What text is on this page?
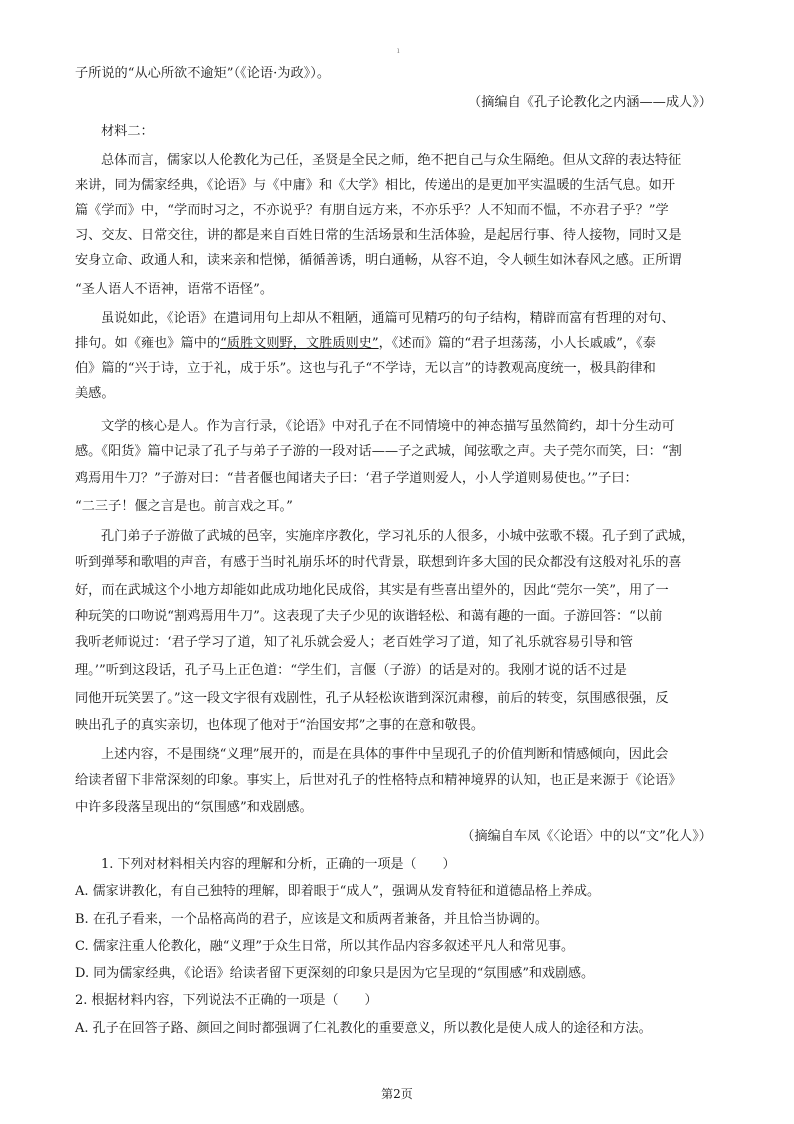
ı
子所说的“从心所欲不逾矩”（《论语·为政》）。
（摘编自《孔子论教化之内涵——成人》）
材料二：
总体而言，儒家以人伦教化为己任，圣贤是全民之师，绝不把自己与众生隔绝。但从文辞的表达特征
来讲，同为儒家经典，《论语》与《中庸》和《大学》相比，传递出的是更加平实温暖的生活气息。如开
篇《学而》中，“学而时习之，不亦说乎？有朋自远方来，不亦乐乎？人不知而不愠，不亦君子乎？”学
习、交友、日常交往，讲的都是来自百姓日常的生活场景和生活体验，是起居行事、待人接物，同时又是
安身立命、政通人和，读来亲和恺悌，循循善诱，明白通畅，从容不迫，令人顿生如沐春风之感。正所谓
“圣人语人不语神，语常不语怪”。
虽说如此，《论语》在遣词用句上却从不粗陋，通篇可见精巧的句子结构，精辟而富有哲理的对句、
排句。如《雍也》篇中的“质胜文则野，文胜质则史”，《述而》篇的“君子坦荡荡，小人长戚戚”，《泰
伯》篇的“兴于诗，立于礼，成于乐”。这也与孔子“不学诗，无以言”的诗教观高度统一，极具韵律和
美感。
文学的核心是人。作为言行录，《论语》中对孔子在不同情境中的神态描写虽然简约，却十分生动可
感。《阳货》篇中记录了孔子与弟子子游的一段对话——子之武城，闻弦歌之声。夫子莞尔而笑，曰：“割
鸡焉用牛刀？”子游对曰：“昔者偃也闻诸夫子曰：‘君子学道则爱人，小人学道则易使也。’”子曰：
“二三子！偃之言是也。前言戏之耳。”
孔门弟子子游做了武城的邑宰，实施庠序教化，学习礼乐的人很多，小城中弦歌不辍。孔子到了武城，
听到弹琴和歌唱的声音，有感于当时礼崩乐坏的时代背景，联想到许多大国的民众都没有这般对礼乐的喜
好，而在武城这个小地方却能如此成功地化民成俗，其实是有些喜出望外的，因此“莞尔一笑”，用了一
种玩笑的口吻说“割鸡焉用牛刀”。这表现了夫子少见的诙谐轻松、和蔼有趣的一面。子游回答：“以前
我听老师说过：‘君子学习了道，知了礼乐就会爱人；老百姓学习了道，知了礼乐就容易引导和管
理。’”听到这段话，孔子马上正色道：“学生们，言偃（子游）的话是对的。我刚才说的话不过是
同他开玩笑罢了。”这一段文字很有戏剧性，孔子从轻松诙谐到深沉肃穆，前后的转变，氛围感很强，反
映出孔子的真实亲切，也体现了他对于“治国安邦”之事的在意和敬畏。
上述内容，不是围绕“义理”展开的，而是在具体的事件中呈现孔子的价值判断和情感倾向，因此会
给读者留下非常深刻的印象。事实上，后世对孔子的性格特点和精神境界的认知，也正是来源于《论语》
中许多段落呈现出的“氛围感”和戏剧感。
（摘编自车凤《〈论语〉中的以“文”化人》）
1. 下列对材料相关内容的理解和分析，正确的一项是（　　）
A. 儒家讲教化，有自己独特的理解，即着眼于“成人”，强调从发育特征和道德品格上养成。
B. 在孔子看来，一个品格高尚的君子，应该是文和质两者兼备，并且恰当协调的。
C. 儒家注重人伦教化，融“义理”于众生日常，所以其作品内容多叙述平凡人和常见事。
D. 同为儒家经典，《论语》给读者留下更深刻的印象只是因为它呈现的“氛围感”和戏剧感。
2. 根据材料内容，下列说法不正确的一项是（　　）
A. 孔子在回答子路、颜回之间时都强调了仁礼教化的重要意义，所以教化是使人成人的途径和方法。
第2页
